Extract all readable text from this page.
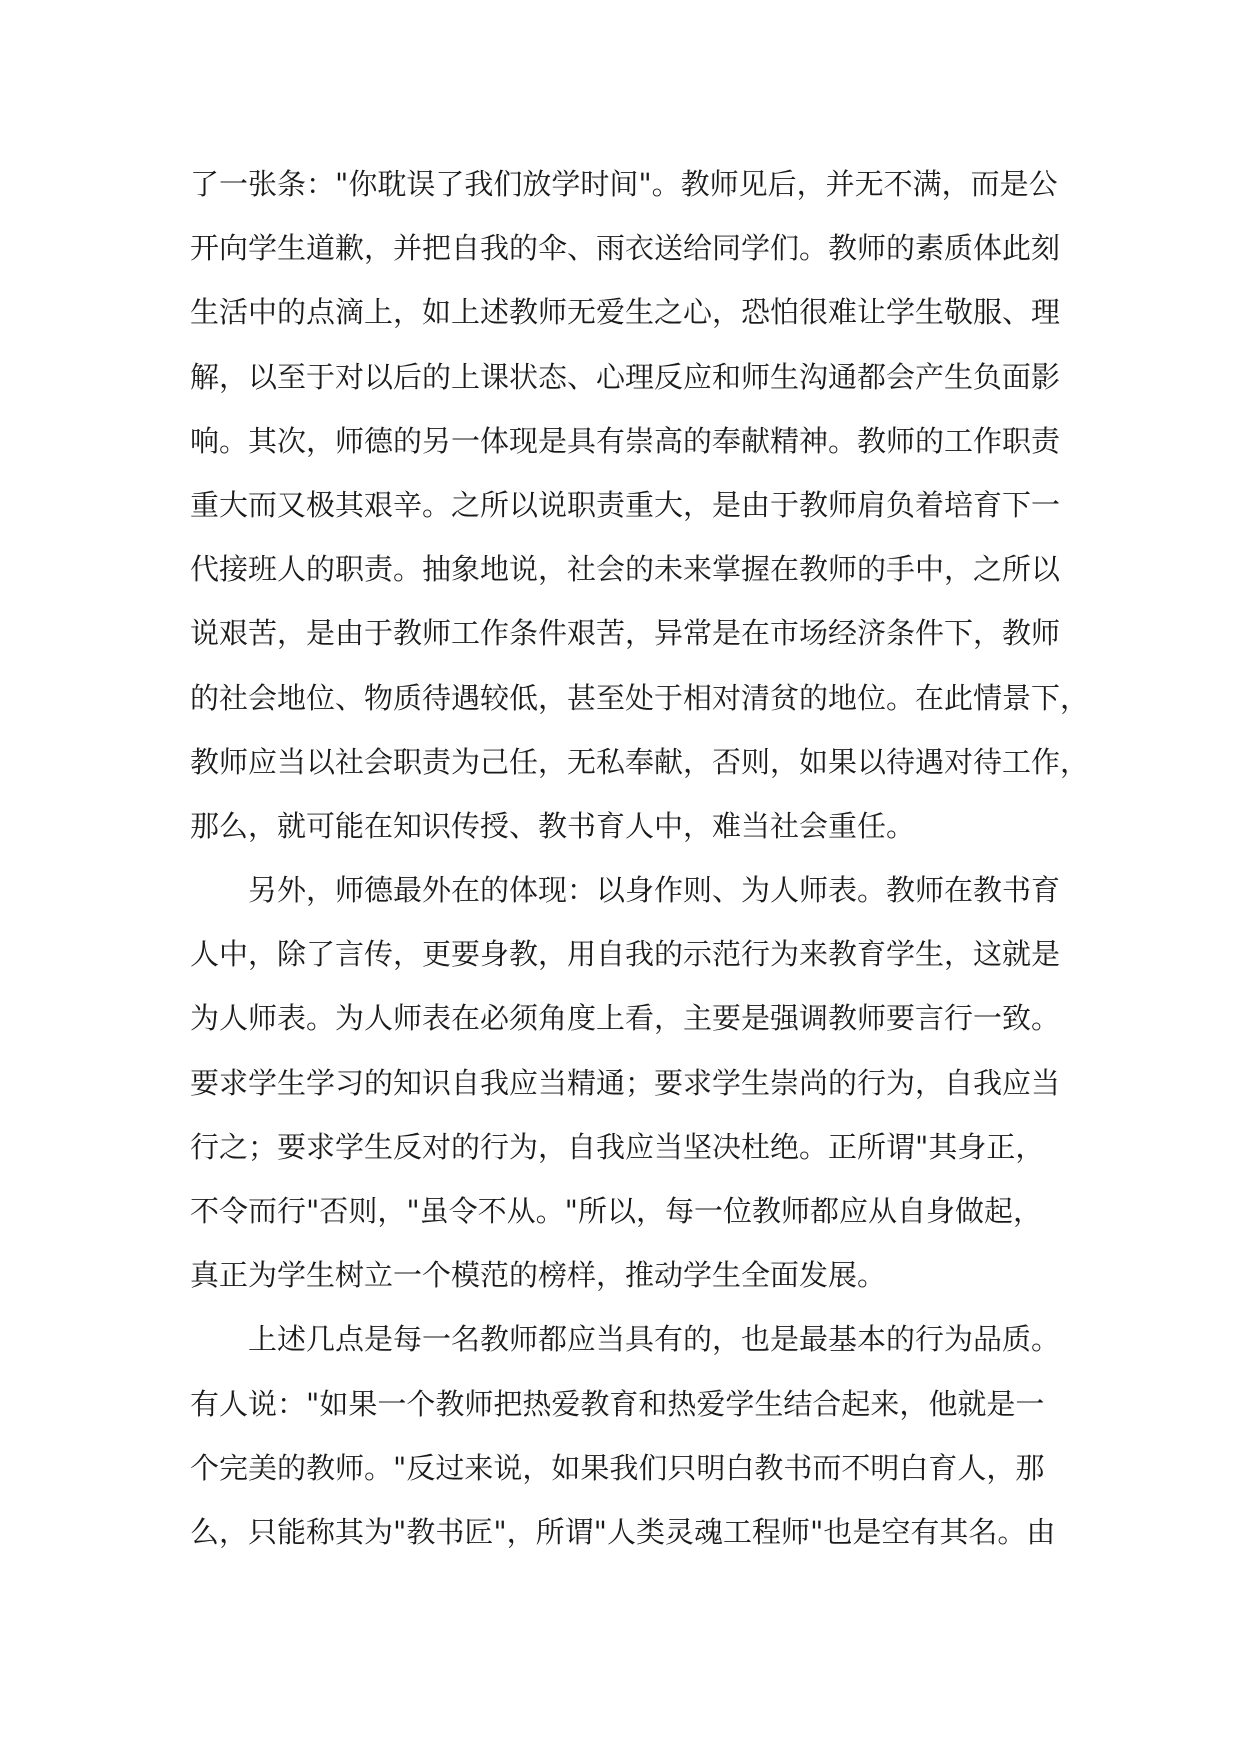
了一张条："你耽误了我们放学时间"。教师见后，并无不满，而是公
开向学生道歉，并把自我的伞、雨衣送给同学们。教师的素质体此刻
生活中的点滴上，如上述教师无爱生之心，恐怕很难让学生敬服、理
解，以至于对以后的上课状态、心理反应和师生沟通都会产生负面影
响。其次，师德的另一体现是具有崇高的奉献精神。教师的工作职责
重大而又极其艰辛。之所以说职责重大，是由于教师肩负着培育下一
代接班人的职责。抽象地说，社会的未来掌握在教师的手中，之所以
说艰苦，是由于教师工作条件艰苦，异常是在市场经济条件下，教师
的社会地位、物质待遇较低，甚至处于相对清贫的地位。在此情景下，
教师应当以社会职责为己任，无私奉献，否则，如果以待遇对待工作，
那么，就可能在知识传授、教书育人中，难当社会重任。
另外，师德最外在的体现：以身作则、为人师表。教师在教书育
人中，除了言传，更要身教，用自我的示范行为来教育学生，这就是
为人师表。为人师表在必须角度上看，主要是强调教师要言行一致。
要求学生学习的知识自我应当精通；要求学生崇尚的行为，自我应当
行之；要求学生反对的行为，自我应当坚决杜绝。正所谓"其身正，
不令而行"否则，"虽令不从。"所以，每一位教师都应从自身做起，
真正为学生树立一个模范的榜样，推动学生全面发展。
上述几点是每一名教师都应当具有的，也是最基本的行为品质。
有人说："如果一个教师把热爱教育和热爱学生结合起来，他就是一
个完美的教师。"反过来说，如果我们只明白教书而不明白育人，那
么，只能称其为"教书匠"，所谓"人类灵魂工程师"也是空有其名。由
